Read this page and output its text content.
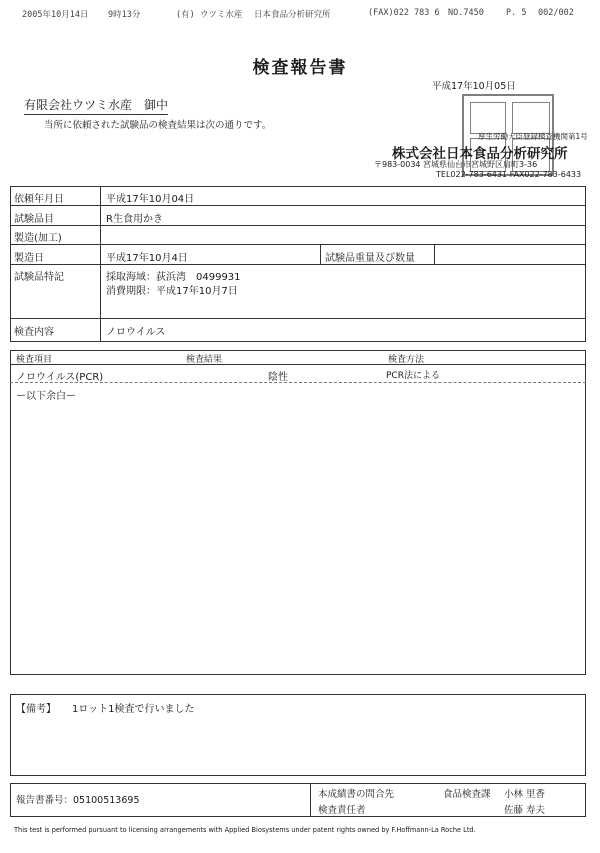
2005年10月14日 9時13分	(有) ウツミ水産 日本食品分析研究所	(FAX)022 783 6 NO.7450	P. 5 002/002
検査報告書
平成17年10月05日
有限会社ウツミ水産　御中
当所に依頼された試験品の検査結果は次の通りです。
厚生労働大臣登録検査機関第1号
株式会社日本食品分析研究所
〒983-0034 宮城県仙台市宮城野区扇町3-36
TEL022-783-6431 FAX022-783-6433
依頼年月日	平成17年10月04日
試験品目	R生食用かき
製造(加工)
製造日	平成17年10月4日	試験品重量及び数量
試験品特記	採取海域：荻浜湾　0499931
消費期限：平成17年10月7日
検査内容	ノロウイルス
検査項目	検査結果	検査方法
ノロウイルス(PCR)	陰性	PCR法による
ー以下余白ー
【備考】 1ロット1検査で行いました
報告書番号：05100513695
本成績書の問合先	食品検査課 小林 里香
検査責任者	佐藤 寿夫
This test is performed pursuant to licensing arrangements with Applied Biosystems under patent rights owned by F.Hoffmann-La Roche Ltd.
